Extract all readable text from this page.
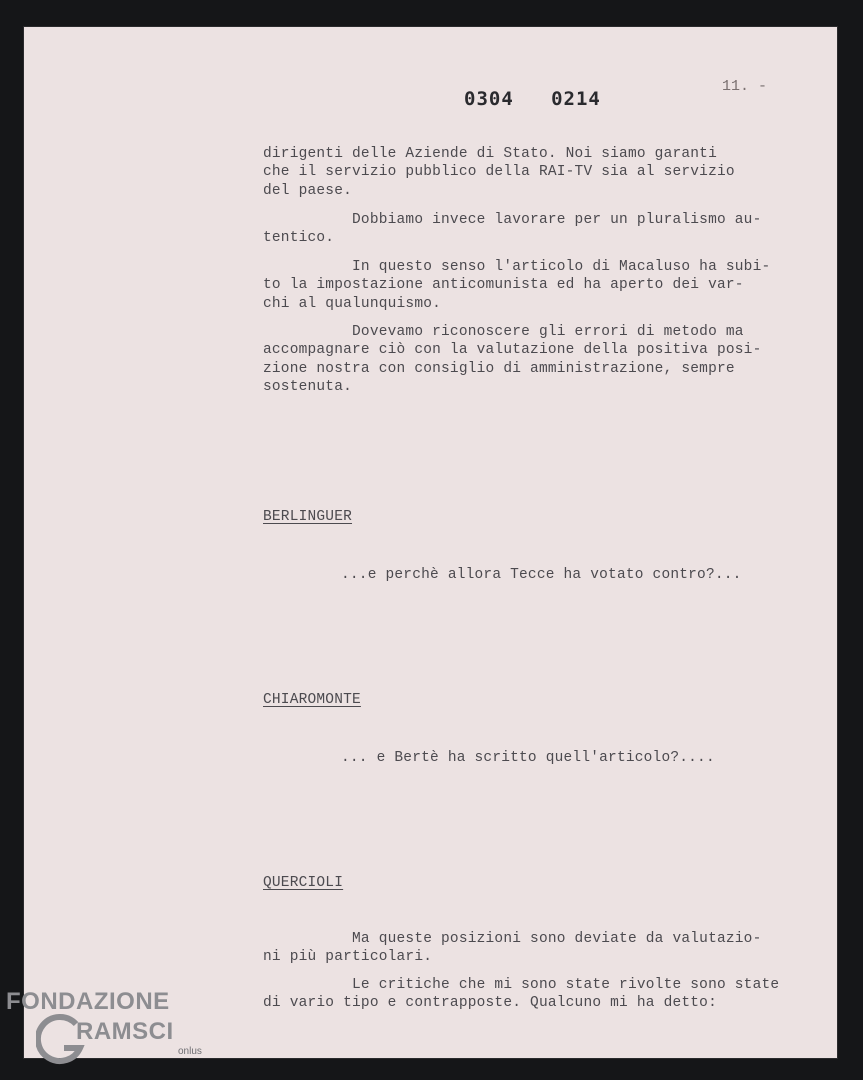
0304   0214
11. -

dirigenti delle Aziende di Stato. Noi siamo garanti
che il servizio pubblico della RAI-TV sia al servizio
del paese.

Dobbiamo invece lavorare per un pluralismo au-
tentico.

In questo senso l'articolo di Macaluso ha subi-
to la impostazione anticomunista ed ha aperto dei var-
chi al qualunquismo.

Dovevamo riconoscere gli errori di metodo ma
accompagnare ciò con la valutazione della positiva posi-
zione nostra con consiglio di amministrazione, sempre
sostenuta.

BERLINGUER

...e perchè allora Tecce ha votato contro?...

CHIAROMONTE

... e Bertè ha scritto quell'articolo?....

QUERCIOLI

Ma queste posizioni sono deviate da valutazio-
ni più particolari.

Le critiche che mi sono state rivolte sono state
di vario tipo e contrapposte. Qualcuno mi ha detto:

FONDAZIONE
RAMSCI
onlus
